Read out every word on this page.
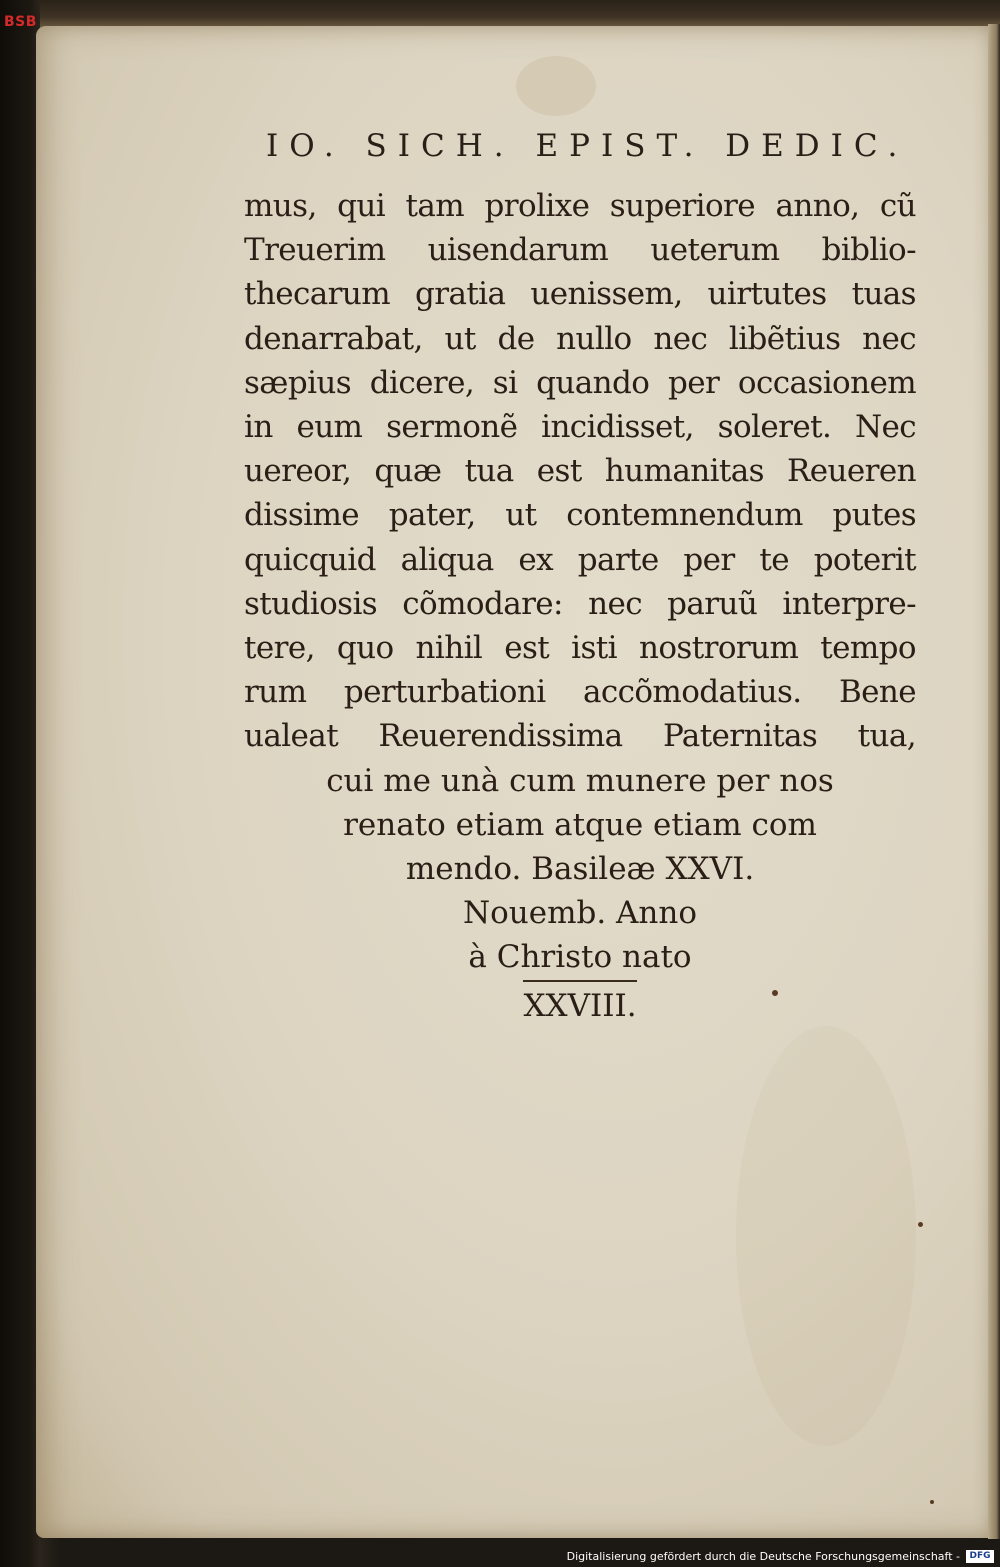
BSB
IO. SICH. EPIST. DEDIC.
mus, qui tam prolixe superiore anno, cũ
Treuerim uisendarum ueterum biblio-
thecarum gratia uenissem, uirtutes tuas
denarrabat, ut de nullo nec libẽtius nec
sæpius dicere, si quando per occasionem
in eum sermonẽ incidisset, soleret. Nec
uereor, quæ tua est humanitas Reueren
dissime pater, ut contemnendum putes
quicquid aliqua ex parte per te poterit
studiosis cõmodare: nec paruũ interpre-
tere, quo nihil est isti nostrorum tempo
rum perturbationi accõmodatius. Bene
ualeat Reuerendissima Paternitas tua,
cui me unà cum munere per nos
renato etiam atque etiam com
mendo. Basileæ XXVI.
Nouemb. Anno
à Christo nato
XXVIII.
Digitalisierung gefördert durch die Deutsche Forschungsgemeinschaft -	DFG
